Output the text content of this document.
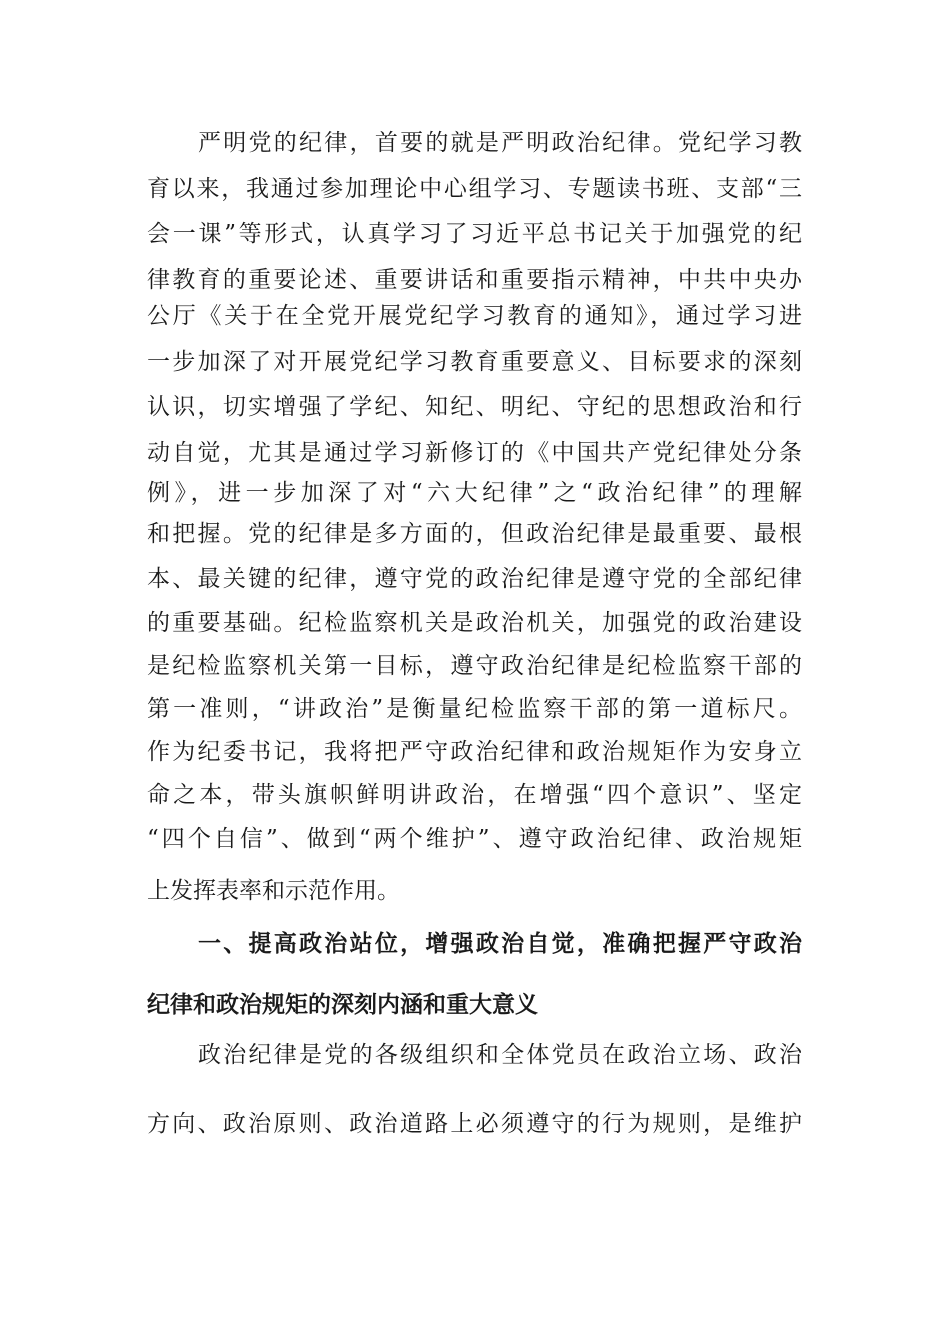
严明党的纪律，首要的就是严明政治纪律。党纪学习教
育以来，我通过参加理论中心组学习、专题读书班、支部“三
会一课”等形式，认真学习了习近平总书记关于加强党的纪
律教育的重要论述、重要讲话和重要指示精神，中共中央办
公厅《关于在全党开展党纪学习教育的通知》，通过学习进
一步加深了对开展党纪学习教育重要意义、目标要求的深刻
认识，切实增强了学纪、知纪、明纪、守纪的思想政治和行
动自觉，尤其是通过学习新修订的《中国共产党纪律处分条
例》，进一步加深了对“六大纪律”之“政治纪律”的理解
和把握。党的纪律是多方面的，但政治纪律是最重要、最根
本、最关键的纪律，遵守党的政治纪律是遵守党的全部纪律
的重要基础。纪检监察机关是政治机关，加强党的政治建设
是纪检监察机关第一目标，遵守政治纪律是纪检监察干部的
第一准则，“讲政治”是衡量纪检监察干部的第一道标尺。
作为纪委书记，我将把严守政治纪律和政治规矩作为安身立
命之本，带头旗帜鲜明讲政治，在增强“四个意识”、坚定
“四个自信”、做到“两个维护”、遵守政治纪律、政治规矩
上发挥表率和示范作用。
一、提高政治站位，增强政治自觉，准确把握严守政治
纪律和政治规矩的深刻内涵和重大意义
政治纪律是党的各级组织和全体党员在政治立场、政治
方向、政治原则、政治道路上必须遵守的行为规则，是维护
